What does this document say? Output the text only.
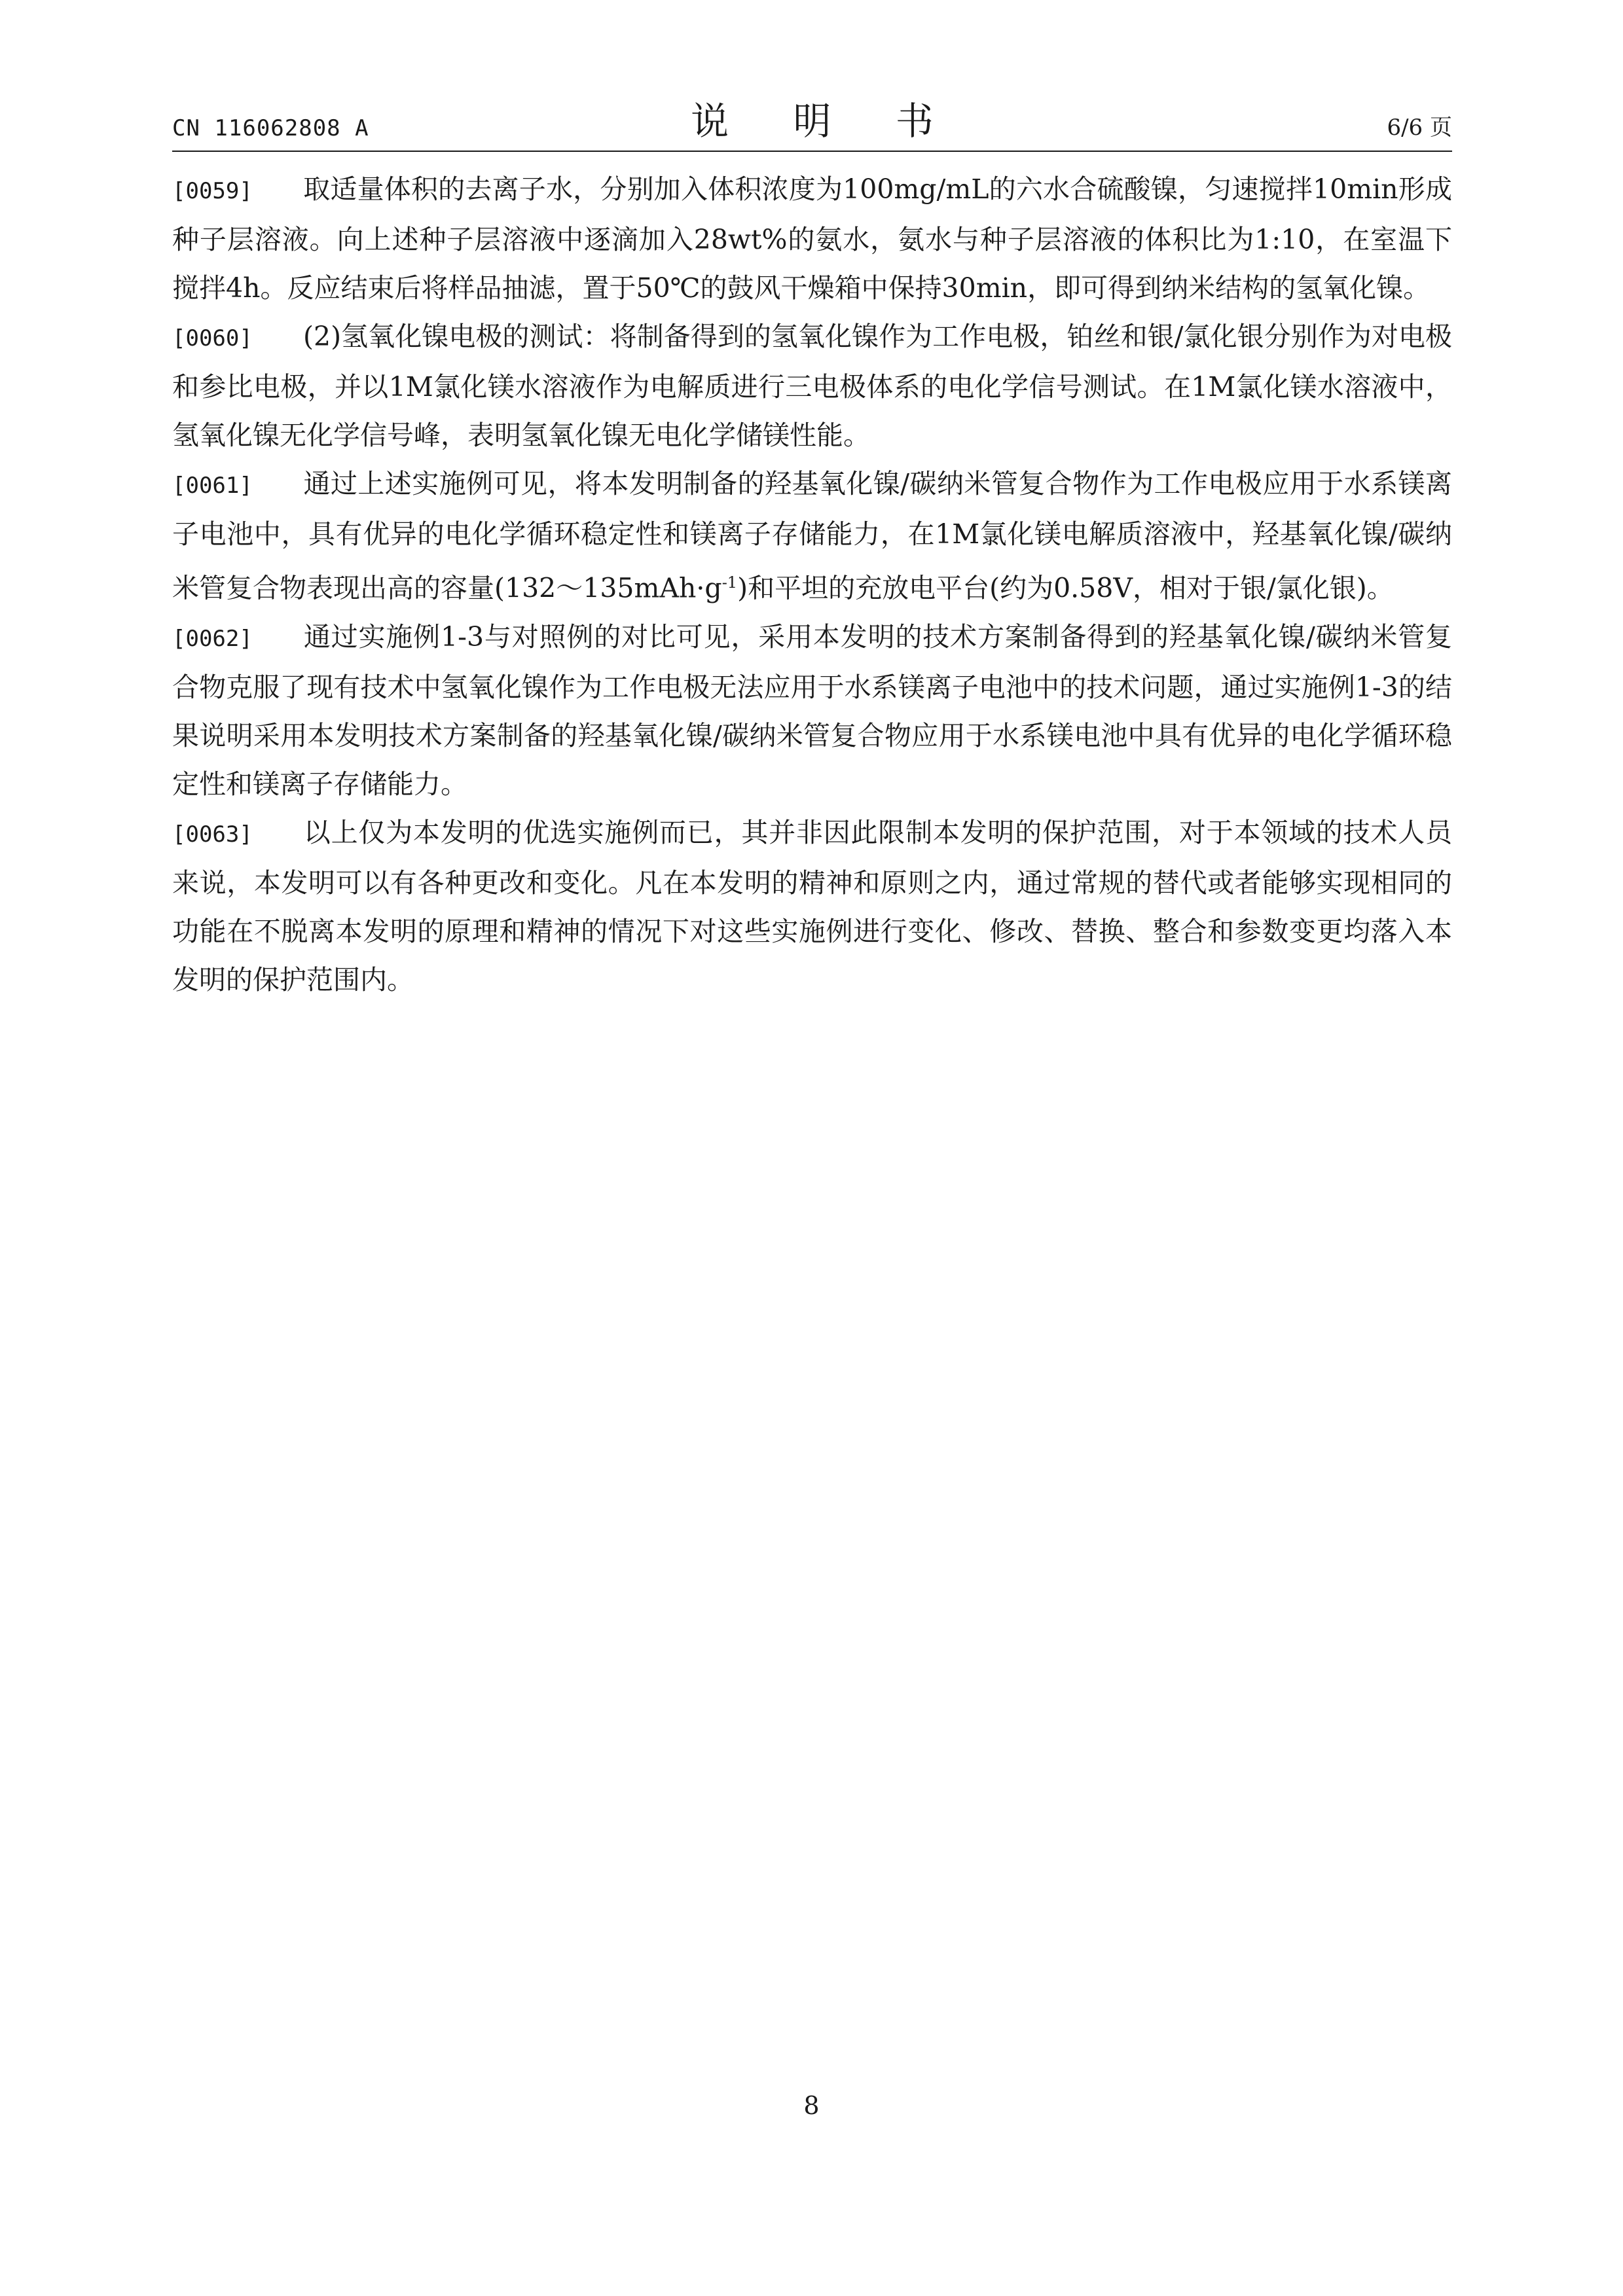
CN 116062808 A	说 明 书	6/6 页

[0059] 取适量体积的去离子水，分别加入体积浓度为100mg/mL的六水合硫酸镍，匀速搅拌10min形成种子层溶液。向上述种子层溶液中逐滴加入28wt%的氨水，氨水与种子层溶液的体积比为1:10，在室温下搅拌4h。反应结束后将样品抽滤，置于50℃的鼓风干燥箱中保持30min，即可得到纳米结构的氢氧化镍。

[0060] (2)氢氧化镍电极的测试：将制备得到的氢氧化镍作为工作电极，铂丝和银/氯化银分别作为对电极和参比电极，并以1M氯化镁水溶液作为电解质进行三电极体系的电化学信号测试。在1M氯化镁水溶液中，氢氧化镍无化学信号峰，表明氢氧化镍无电化学储镁性能。

[0061] 通过上述实施例可见，将本发明制备的羟基氧化镍/碳纳米管复合物作为工作电极应用于水系镁离子电池中，具有优异的电化学循环稳定性和镁离子存储能力，在1M氯化镁电解质溶液中，羟基氧化镍/碳纳米管复合物表现出高的容量$(132\sim 135mAh\cdot g^{-1})$和平坦的充放电平台(约为0.58V，相对于银/氯化银)。

[0062] 通过实施例1-3与对照例的对比可见，采用本发明的技术方案制备得到的羟基氧化镍/碳纳米管复合物克服了现有技术中氢氧化镍作为工作电极无法应用于水系镁离子电池中的技术问题，通过实施例1-3的结果说明采用本发明技术方案制备的羟基氧化镍/碳纳米管复合物应用于水系镁电池中具有优异的电化学循环稳定性和镁离子存储能力。

[0063] 以上仅为本发明的优选实施例而已，其并非因此限制本发明的保护范围，对于本领域的技术人员来说，本发明可以有各种更改和变化。凡在本发明的精神和原则之内，通过常规的替代或者能够实现相同的功能在不脱离本发明的原理和精神的情况下对这些实施例进行变化、修改、替换、整合和参数变更均落入本发明的保护范围内。

8
